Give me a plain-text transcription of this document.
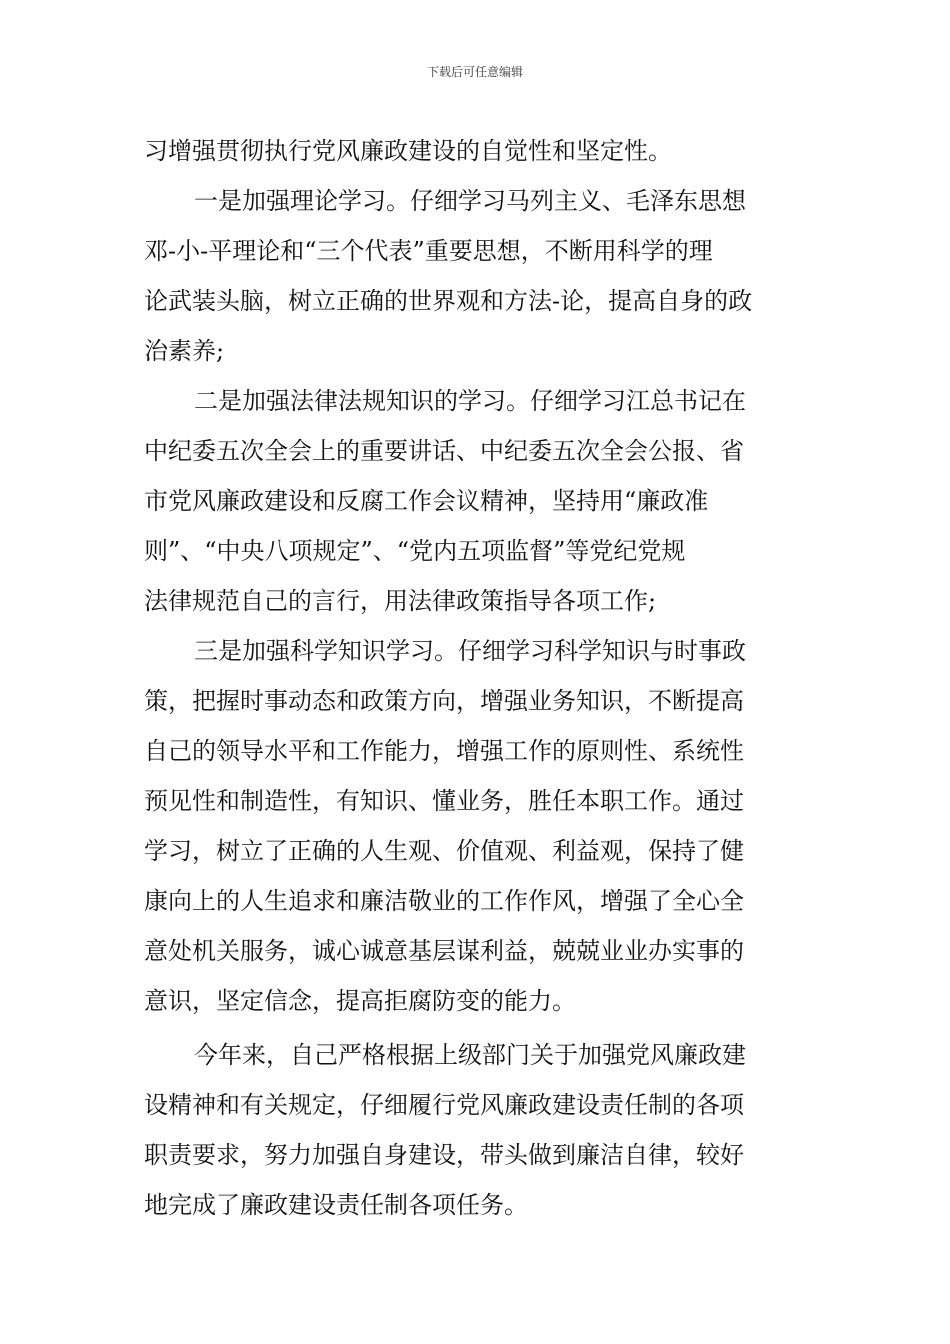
下载后可任意编辑
习增强贯彻执行党风廉政建设的自觉性和坚定性。
一是加强理论学习。仔细学习马列主义、毛泽东思想
邓-小-平理论和“三个代表”重要思想，不断用科学的理
论武装头脑，树立正确的世界观和方法-论，提高自身的政
治素养;
二是加强法律法规知识的学习。仔细学习江总书记在
中纪委五次全会上的重要讲话、中纪委五次全会公报、省
市党风廉政建设和反腐工作会议精神，坚持用“廉政准
则”、“中央八项规定”、“党内五项监督”等党纪党规
法律规范自己的言行，用法律政策指导各项工作;
三是加强科学知识学习。仔细学习科学知识与时事政
策，把握时事动态和政策方向，增强业务知识，不断提高
自己的领导水平和工作能力，增强工作的原则性、系统性
预见性和制造性，有知识、懂业务，胜任本职工作。通过
学习，树立了正确的人生观、价值观、利益观，保持了健
康向上的人生追求和廉洁敬业的工作作风，增强了全心全
意处机关服务，诚心诚意基层谋利益，兢兢业业办实事的
意识，坚定信念，提高拒腐防变的能力。
今年来，自己严格根据上级部门关于加强党风廉政建
设精神和有关规定，仔细履行党风廉政建设责任制的各项
职责要求，努力加强自身建设，带头做到廉洁自律，较好
地完成了廉政建设责任制各项任务。
